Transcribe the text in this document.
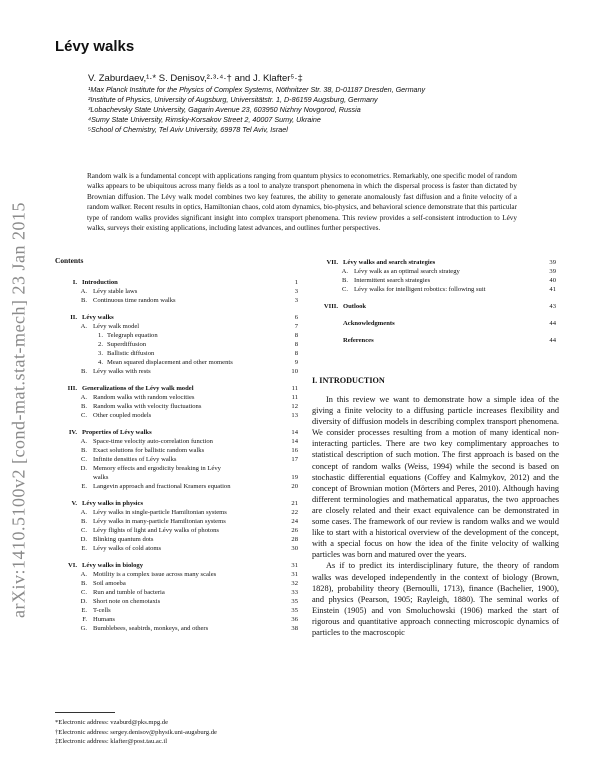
arXiv:1410.5100v2 [cond-mat.stat-mech] 23 Jan 2015
Lévy walks
V. Zaburdaev,¹·* S. Denisov,²·³·⁴·† and J. Klafter⁵·‡
¹Max Planck Institute for the Physics of Complex Systems, Nöthnitzer Str. 38, D-01187 Dresden, Germany
²Institute of Physics, University of Augsburg, Universitätstr. 1, D-86159 Augsburg, Germany
³Lobachevsky State University, Gagarin Avenue 23, 603950 Nizhny Novgorod, Russia
⁴Sumy State University, Rimsky-Korsakov Street 2, 40007 Sumy, Ukraine
⁵School of Chemistry, Tel Aviv University, 69978 Tel Aviv, Israel
Random walk is a fundamental concept with applications ranging from quantum physics to econometrics. Remarkably, one specific model of random walks appears to be ubiquitous across many fields as a tool to analyze transport phenomena in which the dispersal process is faster than dictated by Brownian diffusion. The Lévy walk model combines two key features, the ability to generate anomalously fast diffusion and a finite velocity of a random walker. Recent results in optics, Hamiltonian chaos, cold atom dynamics, bio-physics, and behavioral science demonstrate that this particular type of random walks provides significant insight into complex transport phenomena. This review provides a self-consistent introduction to Lévy walks, surveys their existing applications, including latest advances, and outlines further perspectives.
Contents
I. Introduction	1
A. Lévy stable laws	3
B. Continuous time random walks	3
II. Lévy walks	6
A. Lévy walk model	7
1. Telegraph equation	8
2. Superdiffusion	8
3. Ballistic diffusion	8
4. Mean squared displacement and other moments	9
B. Lévy walks with rests	10
III. Generalizations of the Lévy walk model	11
A. Random walks with random velocities	11
B. Random walks with velocity fluctuations	12
C. Other coupled models	13
IV. Properties of Lévy walks	14
A. Space-time velocity auto-correlation function	14
B. Exact solutions for ballistic random walks	16
C. Infinite densities of Lévy walks	17
D. Memory effects and ergodicity breaking in Lévy
walks	19
E. Langevin approach and fractional Kramers equation	20
V. Lévy walks in physics	21
A. Lévy walks in single-particle Hamiltonian systems	22
B. Lévy walks in many-particle Hamiltonian systems	24
C. Lévy flights of light and Lévy walks of photons	26
D. Blinking quantum dots	28
E. Lévy walks of cold atoms	30
VI. Lévy walks in biology	31
A. Motility is a complex issue across many scales	31
B. Soil amoeba	32
C. Run and tumble of bacteria	33
D. Short note on chemotaxis	35
E. T-cells	35
F. Humans	36
G. Bumblebees, seabirds, monkeys, and others	38
VII. Lévy walks and search strategies	39
A. Lévy walk as an optimal search strategy	39
B. Intermittent search strategies	40
C. Lévy walks for intelligent robotics: following suit	41
VIII. Outlook	43
Acknowledgments	44
References	44
I. INTRODUCTION

In this review we want to demonstrate how a simple idea of the giving a finite velocity to a diffusing particle increases flexibility and diversity of diffusion models in describing complex transport phenomena. We consider processes resulting from a motion of many identical non-interacting particles. There are two key complimentary approaches to statistical description of such motion. The first approach is based on the concept of random walks (Weiss, 1994) while the second is based on stochastic differential equations (Coffey and Kalmykov, 2012) and the concept of Brownian motion (Mörters and Peres, 2010). Although having different terminologies and mathematical apparatus, the two approaches are closely related and their exact equivalence can be demonstrated in some cases. The framework of our review is random walks and we would like to start with a historical overview of the development of the concept, with a special focus on how the idea of the finite velocity of walking particles was born and matured over the years.

As if to predict its interdisciplinary future, the theory of random walks was developed independently in the context of biology (Brown, 1828), probability theory (Bernoulli, 1713), finance (Bachelier, 1900), and physics (Pearson, 1905; Rayleigh, 1880). The seminal works of Einstein (1905) and von Smoluchowski (1906) marked the start of rigorous and quantitative approach connecting microscopic dynamics of particles to the macroscopic

*Electronic address: vzaburd@pks.mpg.de
†Electronic address: sergey.denisov@physik.uni-augsburg.de
‡Electronic address: klafter@post.tau.ac.il
